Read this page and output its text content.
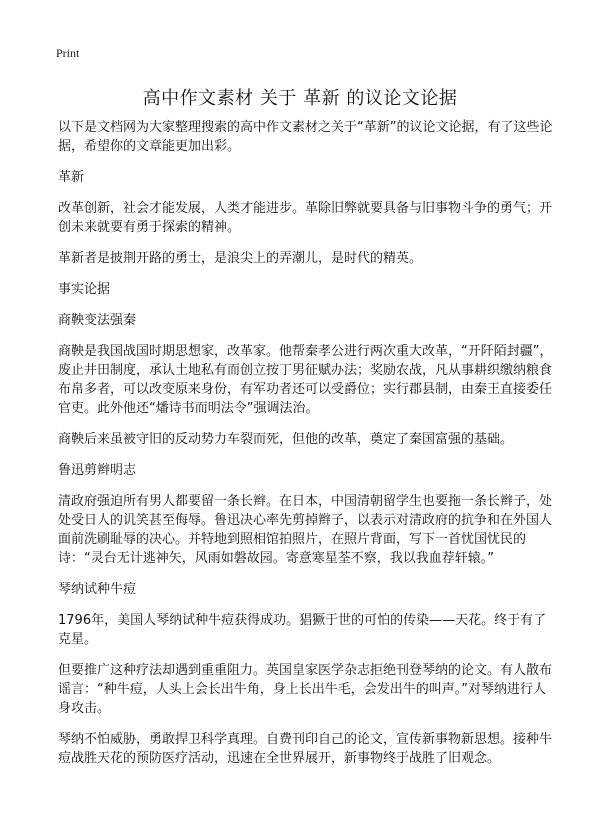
Print
高中作文素材 关于 革新 的议论文论据

以下是文档网为大家整理搜索的高中作文素材之关于“革新”的议论文论据，有了这些论据，希望你的文章能更加出彩。

革新

改革创新，社会才能发展，人类才能进步。革除旧弊就要具备与旧事物斗争的勇气；开创未来就要有勇于探索的精神。

革新者是披荆开路的勇士，是浪尖上的弄潮儿，是时代的精英。

事实论据

商鞅变法强秦

商鞅是我国战国时期思想家，改革家。他帮秦孝公进行两次重大改革，“开阡陌封疆”，废止井田制度，承认土地私有而创立按丁男征赋办法；奖励农战，凡从事耕织缴纳粮食布帛多者，可以改变原来身份，有军功者还可以受爵位；实行郡县制，由秦王直接委任官吏。此外他还“燔诗书而明法令”强调法治。

商鞅后来虽被守旧的反动势力车裂而死，但他的改革，奠定了秦国富强的基础。

鲁迅剪辫明志

清政府强迫所有男人都要留一条长辫。在日本，中国清朝留学生也要拖一条长辫子，处处受日人的讥笑甚至侮辱。鲁迅决心率先剪掉辫子，以表示对清政府的抗争和在外国人面前洗刷耻辱的决心。并特地到照相馆拍照片，在照片背面，写下一首忧国忧民的诗：“灵台无计逃神矢，风雨如磐故园。寄意寒星荃不察，我以我血荐轩辕。”

琴纳试种牛痘

1796年，美国人琴纳试种牛痘获得成功。猖獗于世的可怕的传染——天花。终于有了克星。

但要推广这种疗法却遇到重重阻力。英国皇家医学杂志拒绝刊登琴纳的论文。有人散布谣言：“种牛痘，人头上会长出牛角，身上长出牛毛，会发出牛的叫声。”对琴纳进行人身攻击。

琴纳不怕威胁，勇敢捍卫科学真理。自费刊印自己的论文，宣传新事物新思想。接种牛痘战胜天花的预防医疗活动，迅速在全世界展开，新事物终于战胜了旧观念。
